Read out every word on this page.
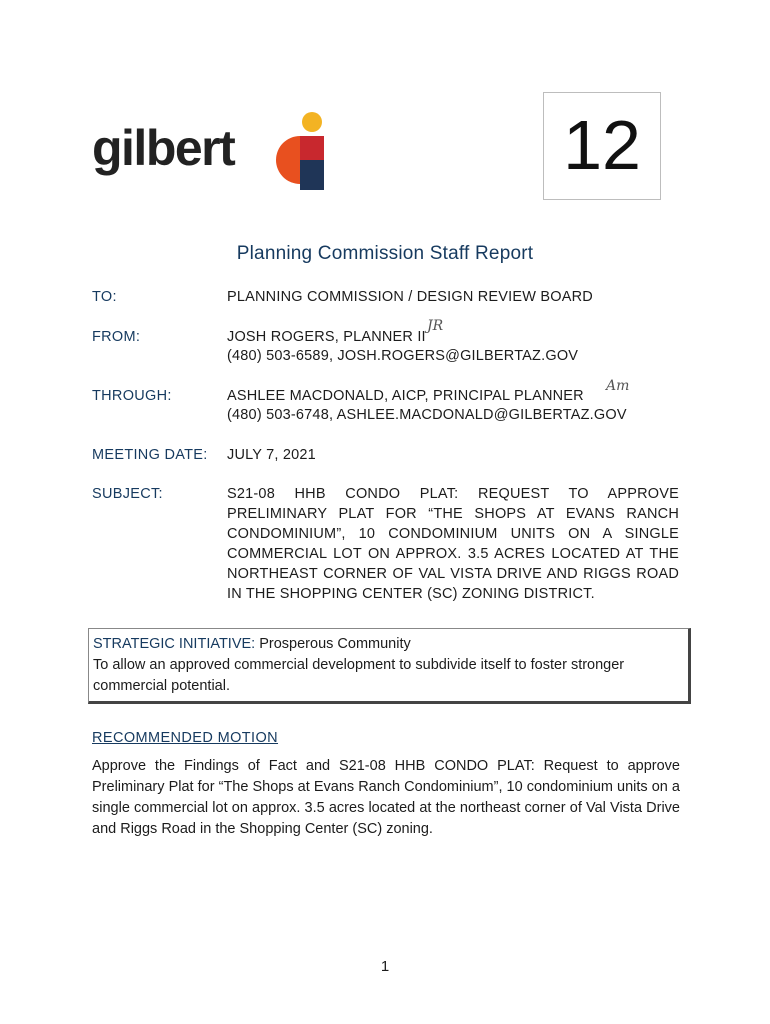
gilbert	12
Planning Commission Staff Report
TO:	PLANNING COMMISSION / DESIGN REVIEW BOARD
FROM:	JOSH ROGERS, PLANNER II
JR
(480) 503-6589, JOSH.ROGERS@GILBERTAZ.GOV
THROUGH:	ASHLEE MACDONALD, AICP, PRINCIPAL PLANNER
Am
(480) 503-6748, ASHLEE.MACDONALD@GILBERTAZ.GOV
MEETING DATE: JULY 7, 2021
SUBJECT:	S21-08 HHB CONDO PLAT: REQUEST TO APPROVE PRELIMINARY PLAT FOR “THE SHOPS AT EVANS RANCH CONDOMINIUM”, 10 CONDOMINIUM UNITS ON A SINGLE COMMERCIAL LOT ON APPROX. 3.5 ACRES LOCATED AT THE NORTHEAST CORNER OF VAL VISTA DRIVE AND RIGGS ROAD IN THE SHOPPING CENTER (SC) ZONING DISTRICT.
STRATEGIC INITIATIVE: Prosperous Community
To allow an approved commercial development to subdivide itself to foster stronger commercial potential.
RECOMMENDED MOTION
Approve the Findings of Fact and S21-08 HHB CONDO PLAT: Request to approve Preliminary Plat for “The Shops at Evans Ranch Condominium”, 10 condominium units on a single commercial lot on approx. 3.5 acres located at the northeast corner of Val Vista Drive and Riggs Road in the Shopping Center (SC) zoning.
1
